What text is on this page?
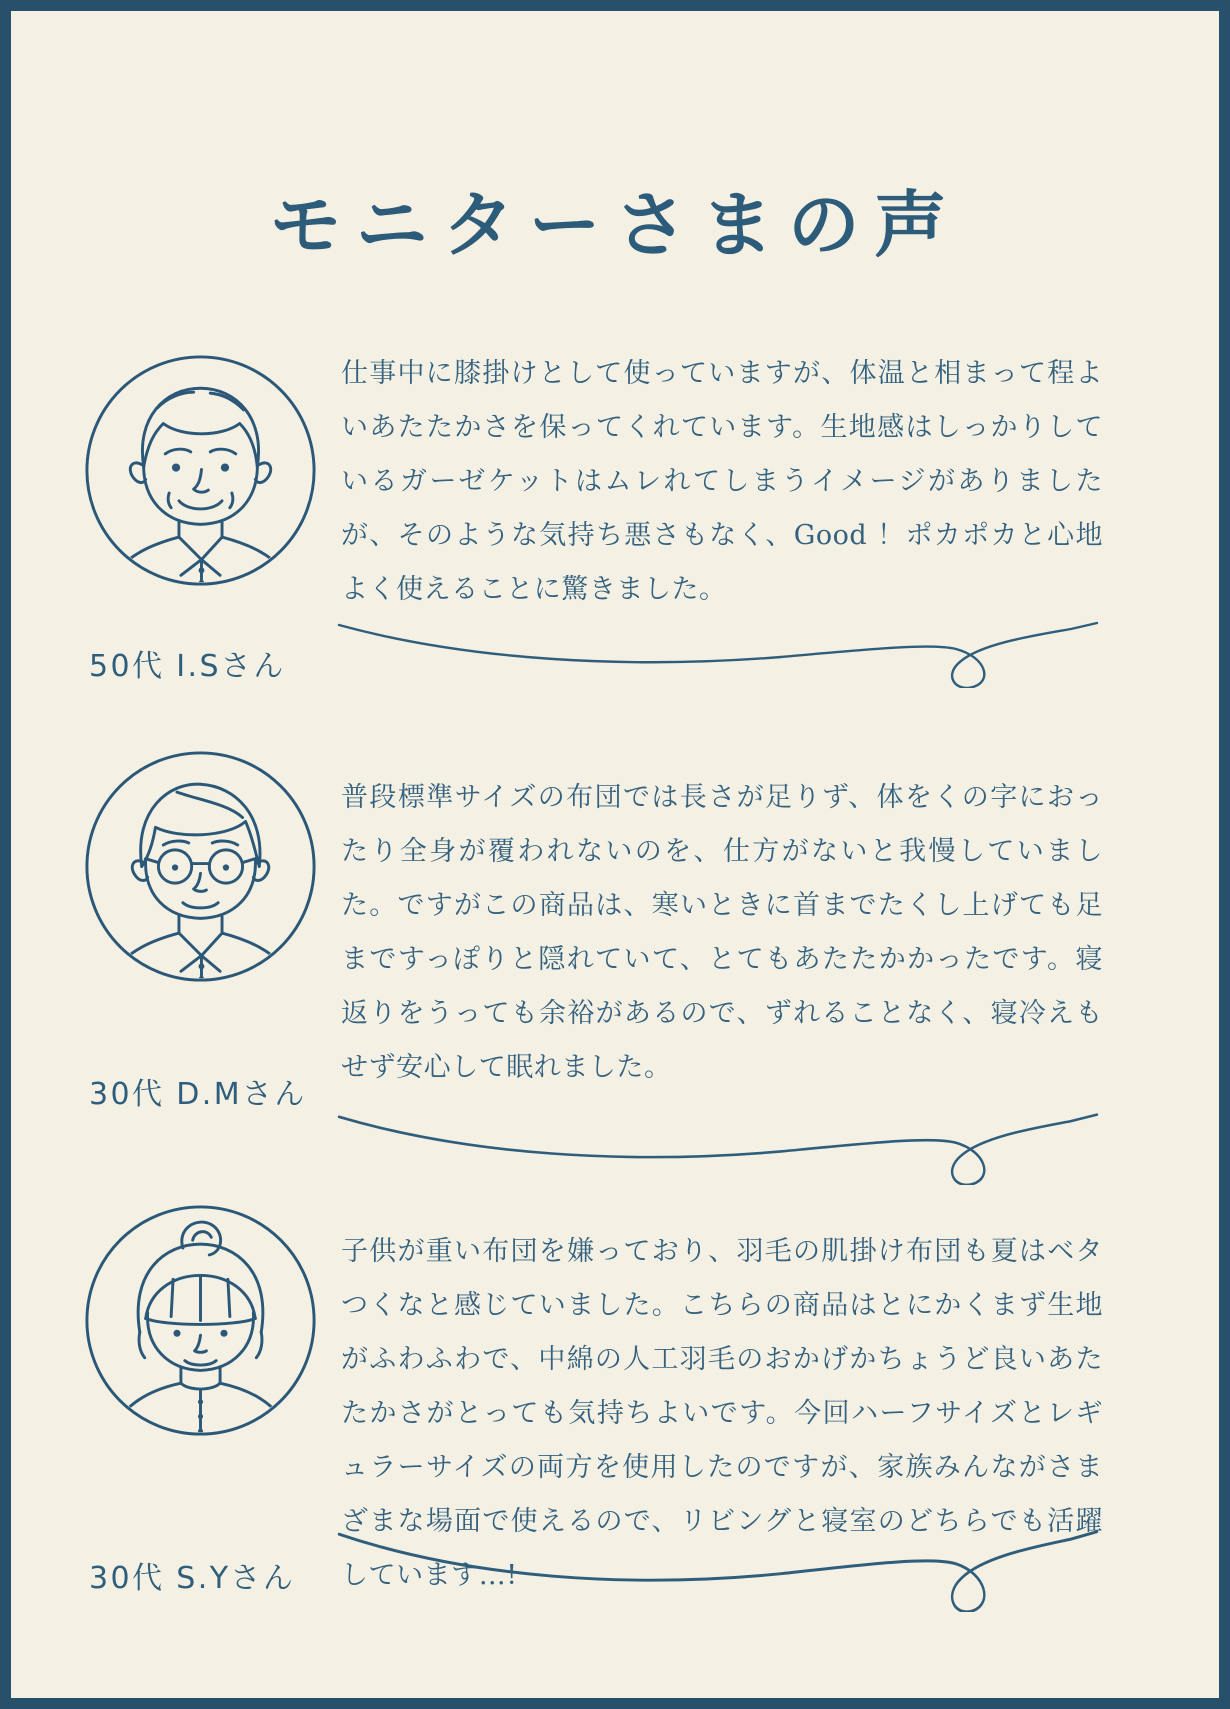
モニターさまの声

仕事中に膝掛けとして使っていますが、体温と相まって程よいあたたかさを保ってくれています。生地感はしっかりしているガーゼケットはムレれてしまうイメージがありましたが、そのような気持ち悪さもなく、Good ！ポカポカと心地よく使えることに驚きました。

50代 I.Sさん

普段標準サイズの布団では長さが足りず、体をくの字におったり全身が覆われないのを、仕方がないと我慢していました。ですがこの商品は、寒いときに首までたくし上げても足まですっぽりと隠れていて、とてもあたたかかったです。寝返りをうっても余裕があるので、ずれることなく、寝冷えもせず安心して眠れました。

30代 D.Mさん

子供が重い布団を嫌っており、羽毛の肌掛け布団も夏はベタつくなと感じていました。こちらの商品はとにかくまず生地がふわふわで、中綿の人工羽毛のおかげかちょうど良いあたたかさがとっても気持ちよいです。今回ハーフサイズとレギュラーサイズの両方を使用したのですが、家族みんながさまざまな場面で使えるので、リビングと寝室のどちらでも活躍しています…!

30代 S.Yさん
